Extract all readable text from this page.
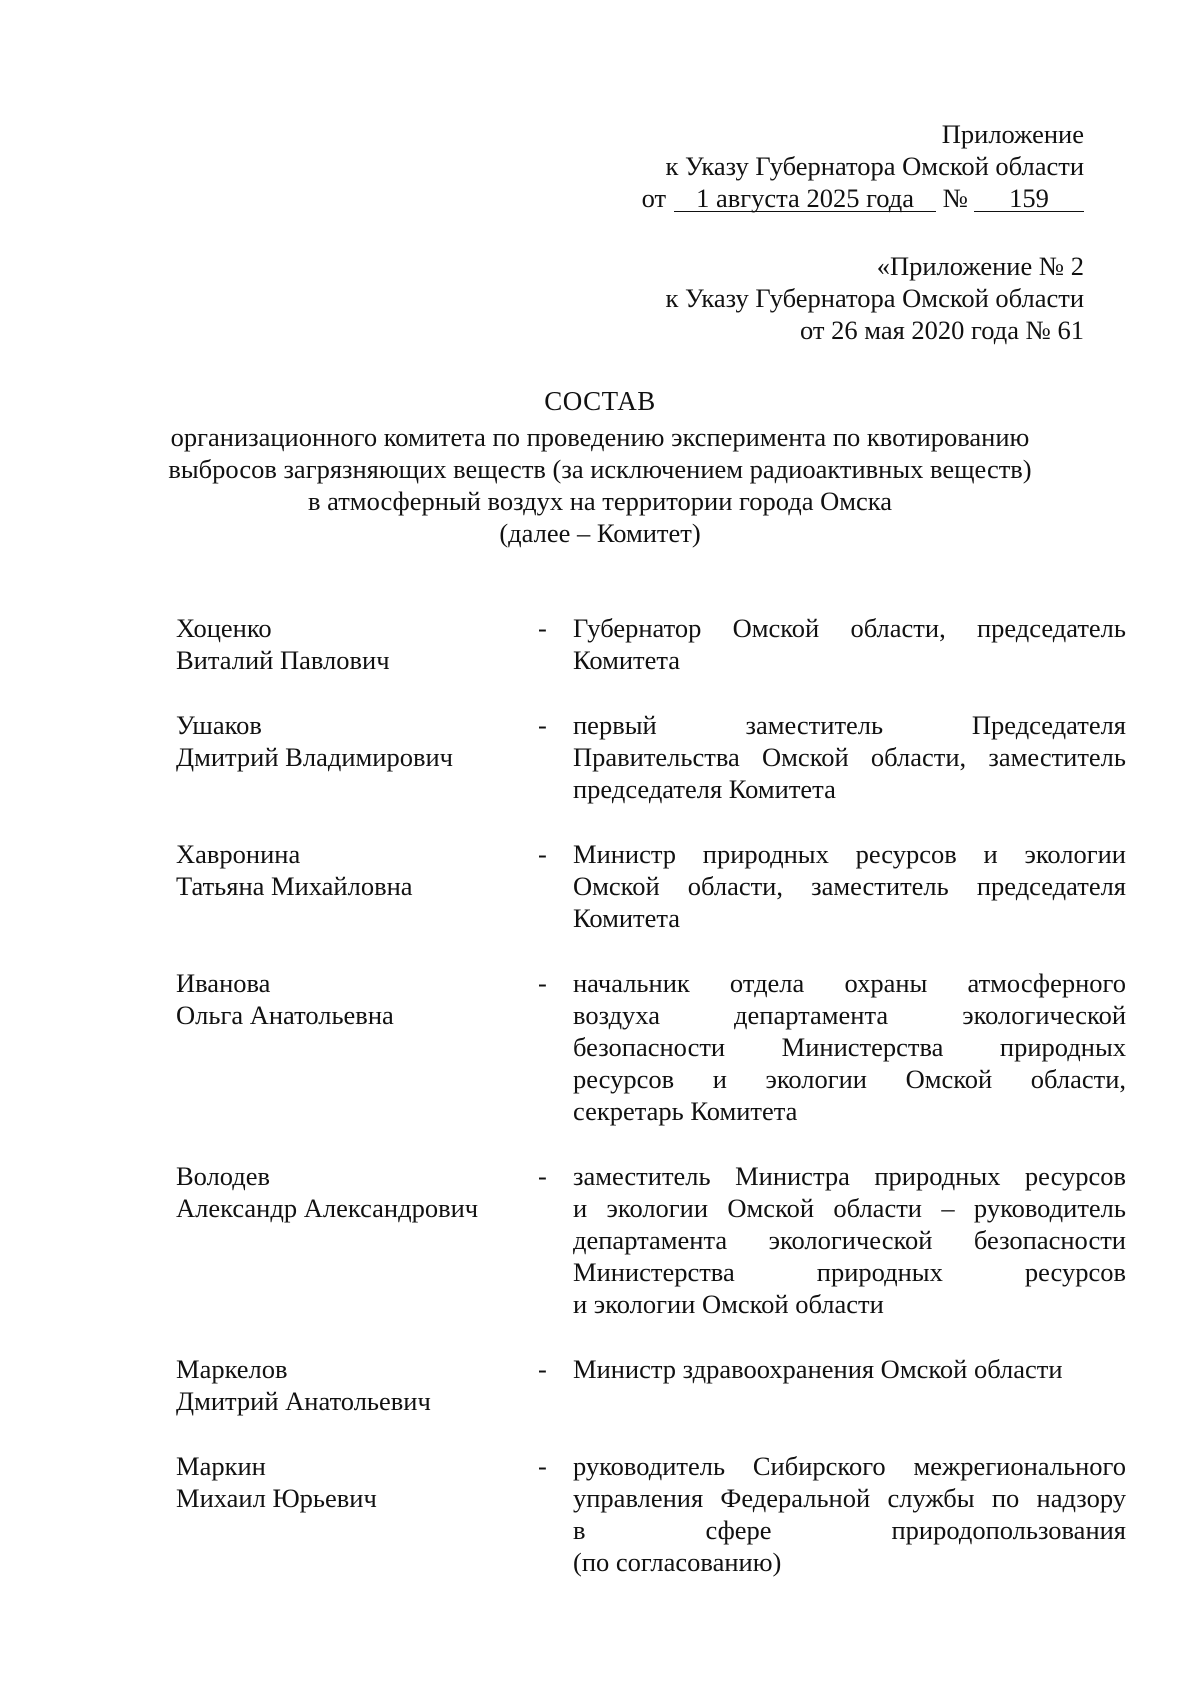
Приложение
к Указу Губернатора Омской области
от 1 августа 2025 года № 159
«Приложение № 2
к Указу Губернатора Омской области
от 26 мая 2020 года № 61
СОСТАВ
организационного комитета по проведению эксперимента по квотированию
выбросов загрязняющих веществ (за исключением радиоактивных веществ)
в атмосферный воздух на территории города Омска
(далее – Комитет)
Хоценко
Виталий Павлович
- Губернатор Омской области, председатель
Комитета
Ушаков
Дмитрий Владимирович
- первый заместитель Председателя
Правительства Омской области, заместитель
председателя Комитета
Хавронина
Татьяна Михайловна
- Министр природных ресурсов и экологии
Омской области, заместитель председателя
Комитета
Иванова
Ольга Анатольевна
- начальник отдела охраны атмосферного
воздуха департамента экологической
безопасности Министерства природных
ресурсов и экологии Омской области,
секретарь Комитета
Володев
Александр Александрович
- заместитель Министра природных ресурсов
и экологии Омской области – руководитель
департамента экологической безопасности
Министерства природных ресурсов
и экологии Омской области
Маркелов
Дмитрий Анатольевич
- Министр здравоохранения Омской области
Маркин
Михаил Юрьевич
- руководитель Сибирского межрегионального
управления Федеральной службы по надзору
в сфере природопользования
(по согласованию)
